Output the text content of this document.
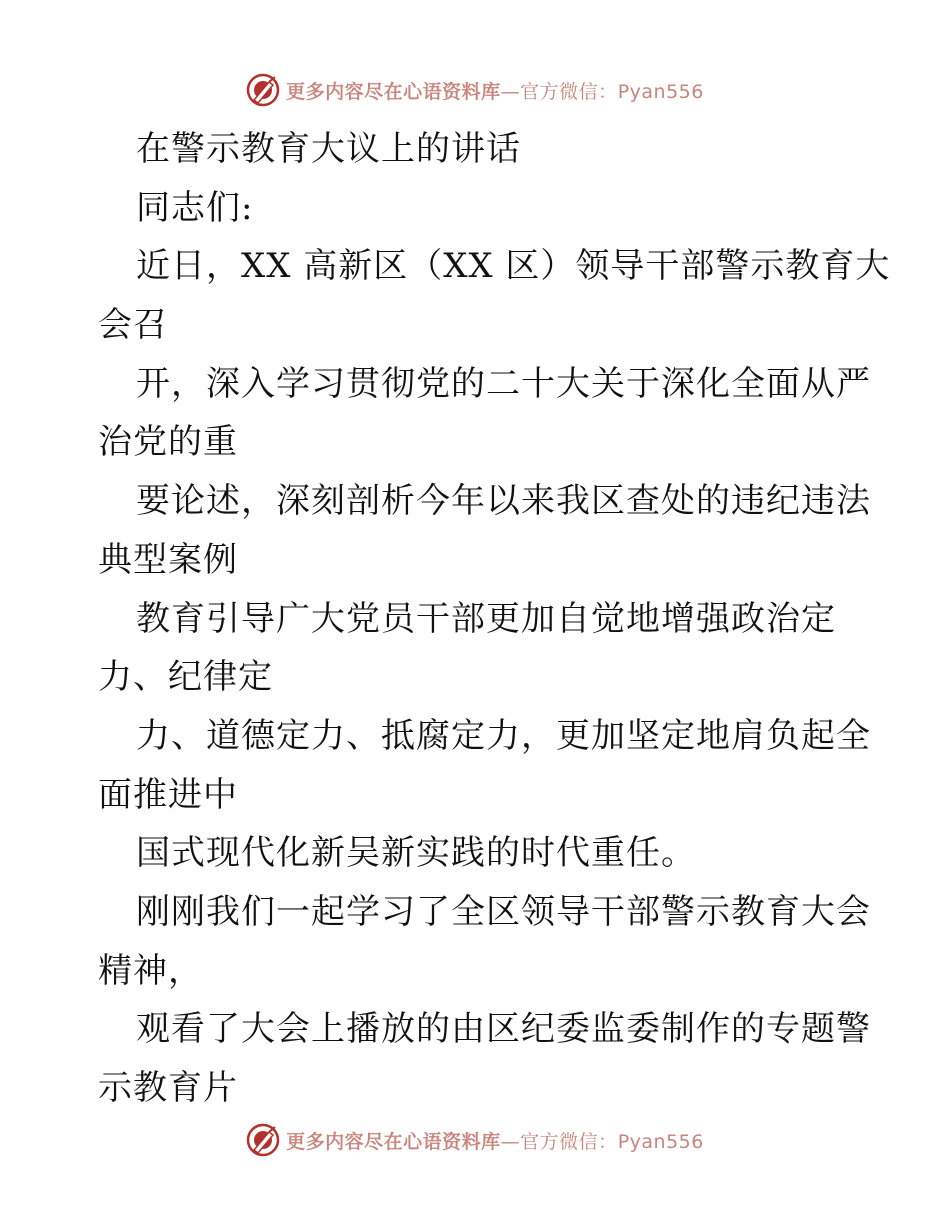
更多内容尽在心语资料库—官方微信：Pyan556
在警示教育大议上的讲话
同志们:
近日，XX 高新区（XX 区）领导干部警示教育大
会召
开，深入学习贯彻党的二十大关于深化全面从严
治党的重
要论述，深刻剖析今年以来我区查处的违纪违法
典型案例
教育引导广大党员干部更加自觉地增强政治定
力、纪律定
力、道德定力、抵腐定力，更加坚定地肩负起全
面推进中
国式现代化新吴新实践的时代重任。
刚刚我们一起学习了全区领导干部警示教育大会
精神，
观看了大会上播放的由区纪委监委制作的专题警
示教育片
更多内容尽在心语资料库—官方微信：Pyan556
